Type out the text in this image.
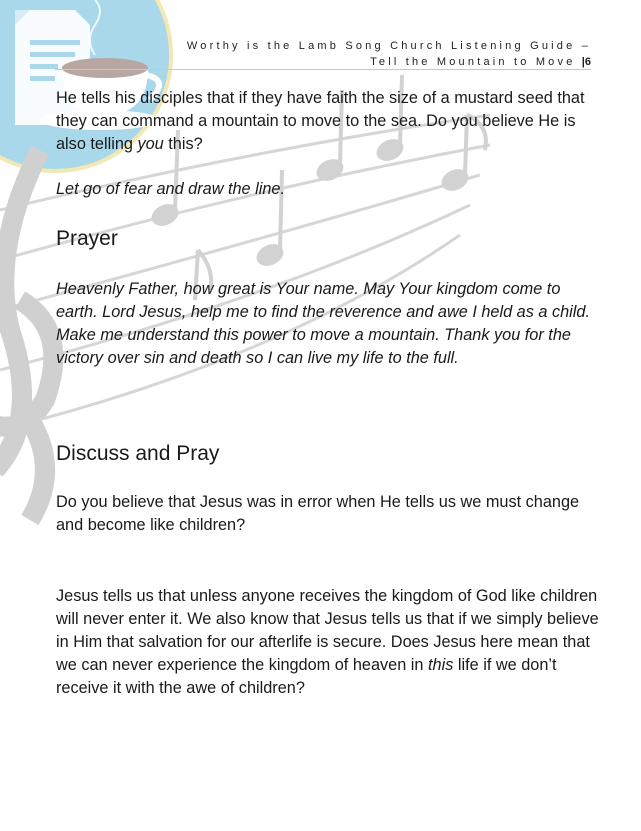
Worthy is the Lamb Song Church Listening Guide –
Tell the Mountain to Move |6

He tells his disciples that if they have faith the size of a mustard seed that they can command a mountain to move to the sea. Do you believe He is also telling you this?

Let go of fear and draw the line.

Prayer

Heavenly Father, how great is Your name. May Your kingdom come to earth. Lord Jesus, help me to find the reverence and awe I held as a child. Make me understand this power to move a mountain. Thank you for the victory over sin and death so I can live my life to the full.

Discuss and Pray

Do you believe that Jesus was in error when He tells us we must change and become like children?

Jesus tells us that unless anyone receives the kingdom of God like children will never enter it. We also know that Jesus tells us that if we simply believe in Him that salvation for our afterlife is secure. Does Jesus here mean that we can never experience the kingdom of heaven in this life if we don’t receive it with the awe of children?
